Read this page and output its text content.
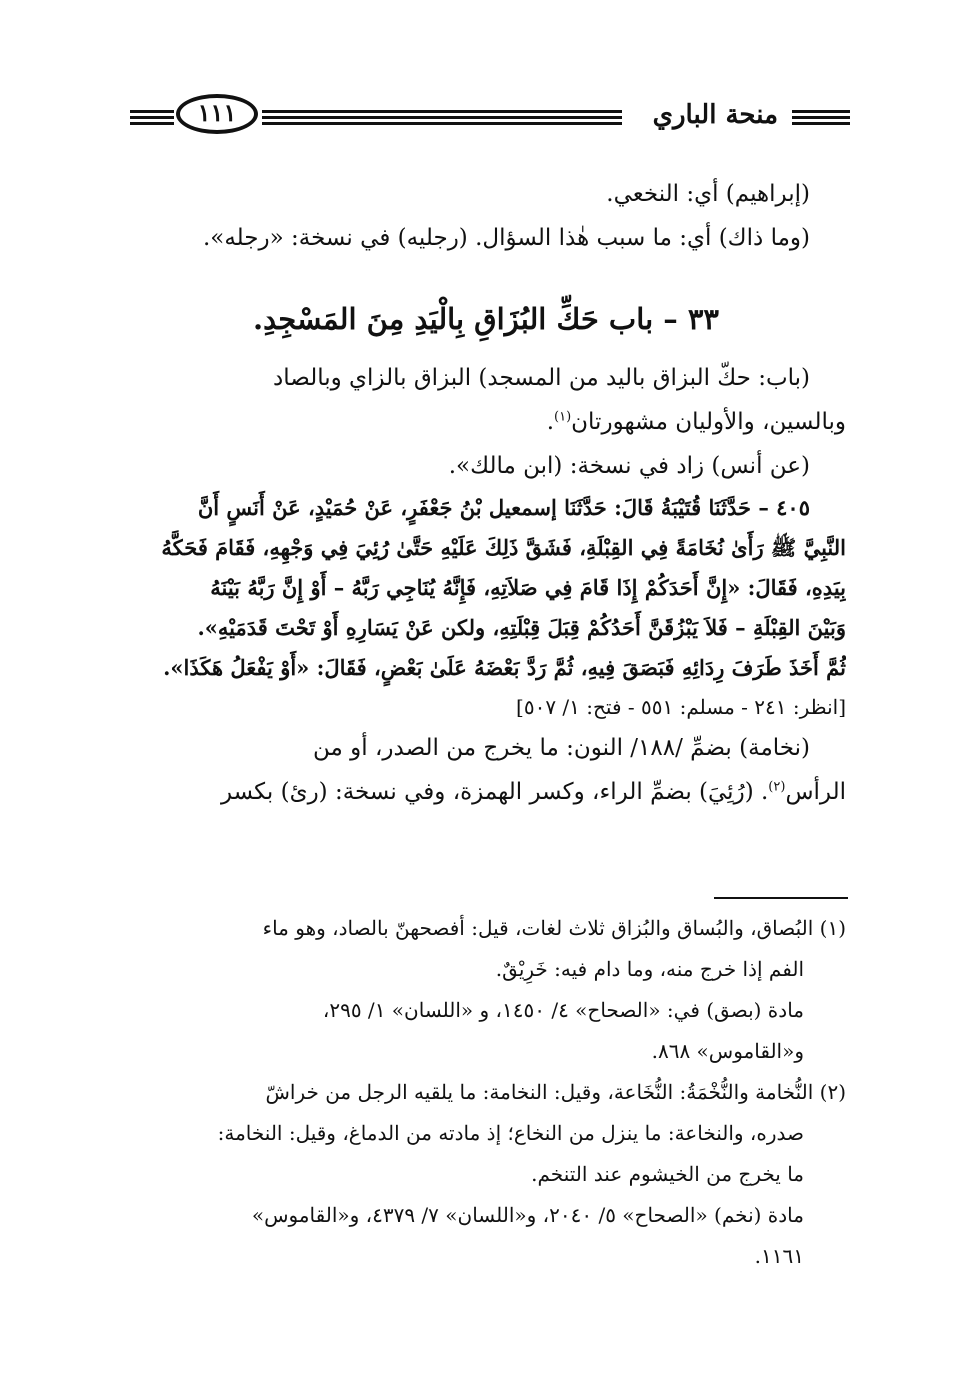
منحة الباري
١١١
(إبراهيم) أي: النخعي.
(وما ذاك) أي: ما سبب هٰذا السؤال. (رجليه) في نسخة: «رجله».
٣٣ – باب حَكِّ البُزَاقِ بِالْيَدِ مِنَ المَسْجِدِ.
(باب: حكّ البزاق باليد من المسجد) البزاق بالزاي وبالصاد
وبالسين، والأوليان مشهورتان$^{(١)}$.
(عن أنس) زاد في نسخة: (ابن مالك».
٤٠٥ – حَدَّثَنَا قُتَيْبَةُ قَالَ: حَدَّثَنَا إسمعيل بْنُ جَعْفَرٍ، عَنْ حُمَيْدٍ، عَنْ أَنَسٍ أَنَّ
النَّبِيَّ ﷺ رَأَىٰ نُخَامَةً فِي القِبْلَةِ، فَشَقَّ ذَلِكَ عَلَيْهِ حَتَّىٰ رُئِيَ فِي وَجْهِهِ، فَقَامَ فَحَكَّهُ
بِيَدِهِ، فَقَالَ: «إِنَّ أَحَدَكُمْ إِذَا قَامَ فِي صَلاَتِهِ، فَإِنَّهُ يُنَاجِي رَبَّهُ – أَوْ إِنَّ رَبَّهُ بَيْنَهُ
وَبَيْنَ القِبْلَةِ – فَلاَ يَبْزُقَنَّ أَحَدُكُمْ قِبَلَ قِبْلَتِهِ، ولكن عَنْ يَسَارِهِ أَوْ تَحْتَ قَدَمَيْهِ».
ثُمَّ أَخَذَ طَرَفَ رِدَائِهِ فَبَصَقَ فِيهِ، ثُمَّ رَدَّ بَعْضَهُ عَلَىٰ بَعْضٍ، فَقَالَ: «أَوْ يَفْعَلُ هَكَذَا».
[انظر: ٢٤١ - مسلم: ٥٥١ - فتح: ١/ ٥٠٧]
(نخامة) بضمِّ /١٨٨/ النون: ما يخرج من الصدر، أو من
الرأس$^{(٢)}$. (رُئِيَ) بضمِّ الراء، وكسر الهمزة، وفي نسخة: (رئ) بكسر
(١) البُصاق، والبُساق والبُزاق ثلاث لغات، قيل: أفصحهنّ بالصاد، وهو ماء
الفم إذا خرج منه، وما دام فيه: خَرِيْقٌ.
مادة (بصق) في: «الصحاح» ٤/ ١٤٥٠، و «اللسان» ١/ ٢٩٥،
و«القاموس» ٨٦٨.
(٢) النُّخامة والنُّخْمَةُ: النُّخَاعة، وقيل: النخامة: ما يلقيه الرجل من خراشّ
صدره، والنخاعة: ما ينزل من النخاع؛ إذ مادته من الدماغ، وقيل: النخامة:
ما يخرج من الخيشوم عند التنخم.
مادة (نخم) «الصحاح» ٥/ ٢٠٤٠، و«اللسان» ٧/ ٤٣٧٩، و«القاموس»
١١٦١.
